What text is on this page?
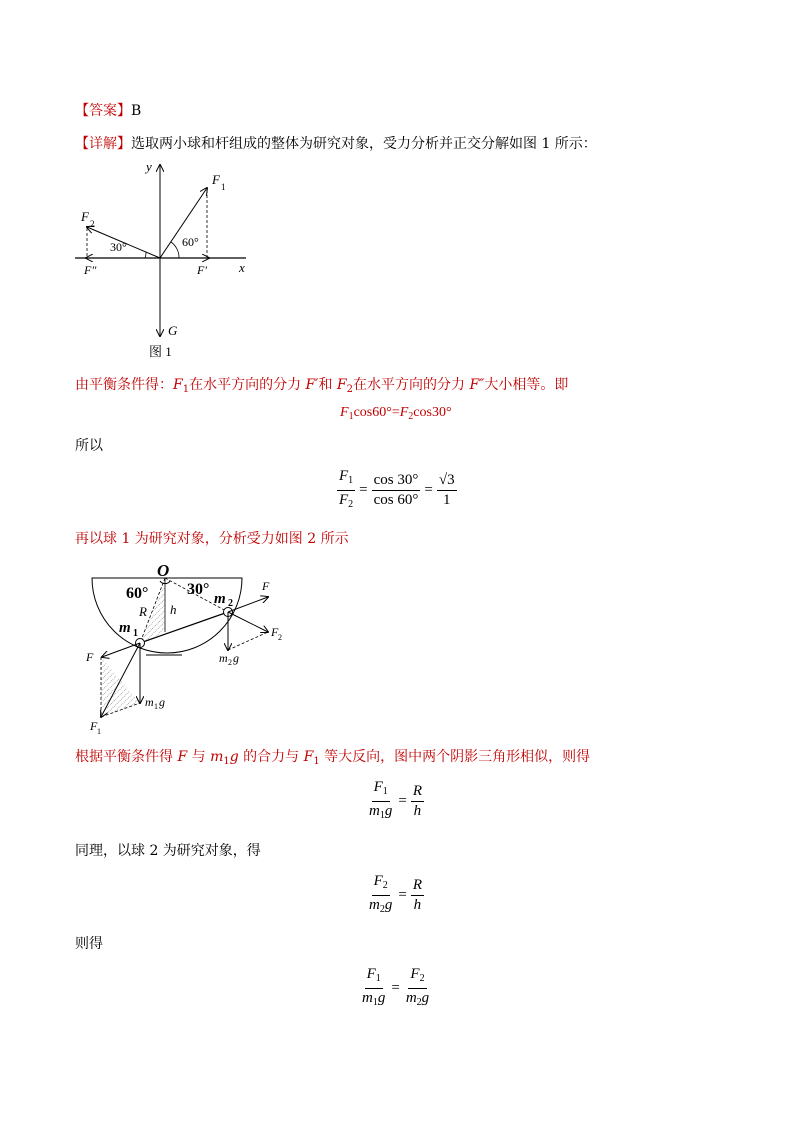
【答案】B
【详解】选取两小球和杆组成的整体为研究对象，受力分析并正交分解如图 1 所示：
y
x
F 1
F 2
F″	F′
G
30°	60°
图 1
由平衡条件得：$F_1$在水平方向的分力 F′和 $F_2$在水平方向的分力 F″大小相等。即
$F_1\cos 60^\circ=F_2\cos 30^\circ$
所以
$\frac{F_1}{F_2} = \frac{\cos 30^\circ}{\cos 60^\circ} = \frac{√3}{1}$
再以球 1 为研究对象，分析受力如图 2 所示
O
60° 30°
R h
m 1
m 2
F
F
F 1
F 2
m 1 g
m 2 g
根据平衡条件得 F 与 $m_1g$ 的合力与 $F_1$ 等大反向，图中两个阴影三角形相似，则得
$\frac{F_1}{m_1g} = \frac{R}{h}$
同理，以球 2 为研究对象，得
$\frac{F_2}{m_2g} = \frac{R}{h}$
则得
$\frac{F_1}{m_1g} = \frac{F_2}{m_2g}$
